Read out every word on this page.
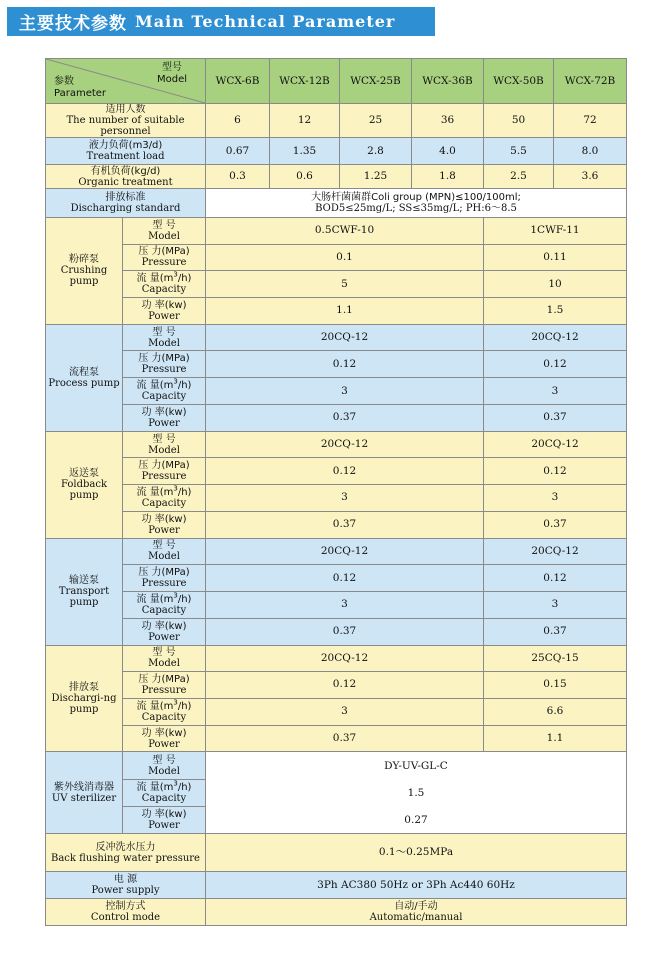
主要技术参数 Main Technical Parameter
型号
Model
参数
Parameter		WCX-6B	WCX-12B	WCX-25B	WCX-36B	WCX-50B	WCX-72B

适用人数
The number of suitable personnel		6	12	25	36	50	72

液力负荷(m3/d)
Treatment load		0.67	1.35	2.8	4.0	5.5	8.0

有机负荷(kg/d)
Organic treatment		0.3	0.6	1.25	1.8	2.5	3.6

排放标准
Discharging standard		大肠杆菌菌群Coli group (MPN)≤100/100ml;
BOD5≤25mg/L; SS≤35mg/L; PH:6～8.5					

粉碎泵
Crushing pump	型 号
Model	0.5CWF-10				1CWF-11	

	压 力(MPa)
Pressure	0.1				0.11	

	流 量$(m^3/h)$
Capacity	5				10	

	功 率(kw)
Power	1.1				1.5	

流程泵
Process pump	型 号
Model	20CQ-12				20CQ-12	

	压 力(MPa)
Pressure	0.12				0.12	

	流 量$(m^3/h)$
Capacity	3				3	

	功 率(kw)
Power	0.37				0.37	

返送泵
Foldback pump	型 号
Model	20CQ-12				20CQ-12	

	压 力(MPa)
Pressure	0.12				0.12	

	流 量$(m^3/h)$
Capacity	3				3	

	功 率(kw)
Power	0.37				0.37	

输送泵
Transport pump	型 号
Model	20CQ-12				20CQ-12	

	压 力(MPa)
Pressure	0.12				0.12	

	流 量$(m^3/h)$
Capacity	3				3	

	功 率(kw)
Power	0.37				0.37	

排放泵
Dischargi-ng pump	型 号
Model	20CQ-12				25CQ-15	

	压 力(MPa)
Pressure	0.12				0.15	

	流 量$(m^3/h)$
Capacity	3				6.6	

	功 率(kw)
Power	0.37				1.1	

紫外线消毒器
UV sterilizer	型 号
Model	DY-UV-GL-C					

	流 量$(m^3/h)$
Capacity	1.5					

	功 率(kw)
Power	0.27					

反冲洗水压力
Back flushing water pressure		0.1～0.25MPa					

电 源
Power supply		3Ph AC380 50Hz or 3Ph Ac440 60Hz					

控制方式
Control mode		自动/手动
Automatic/manual					
